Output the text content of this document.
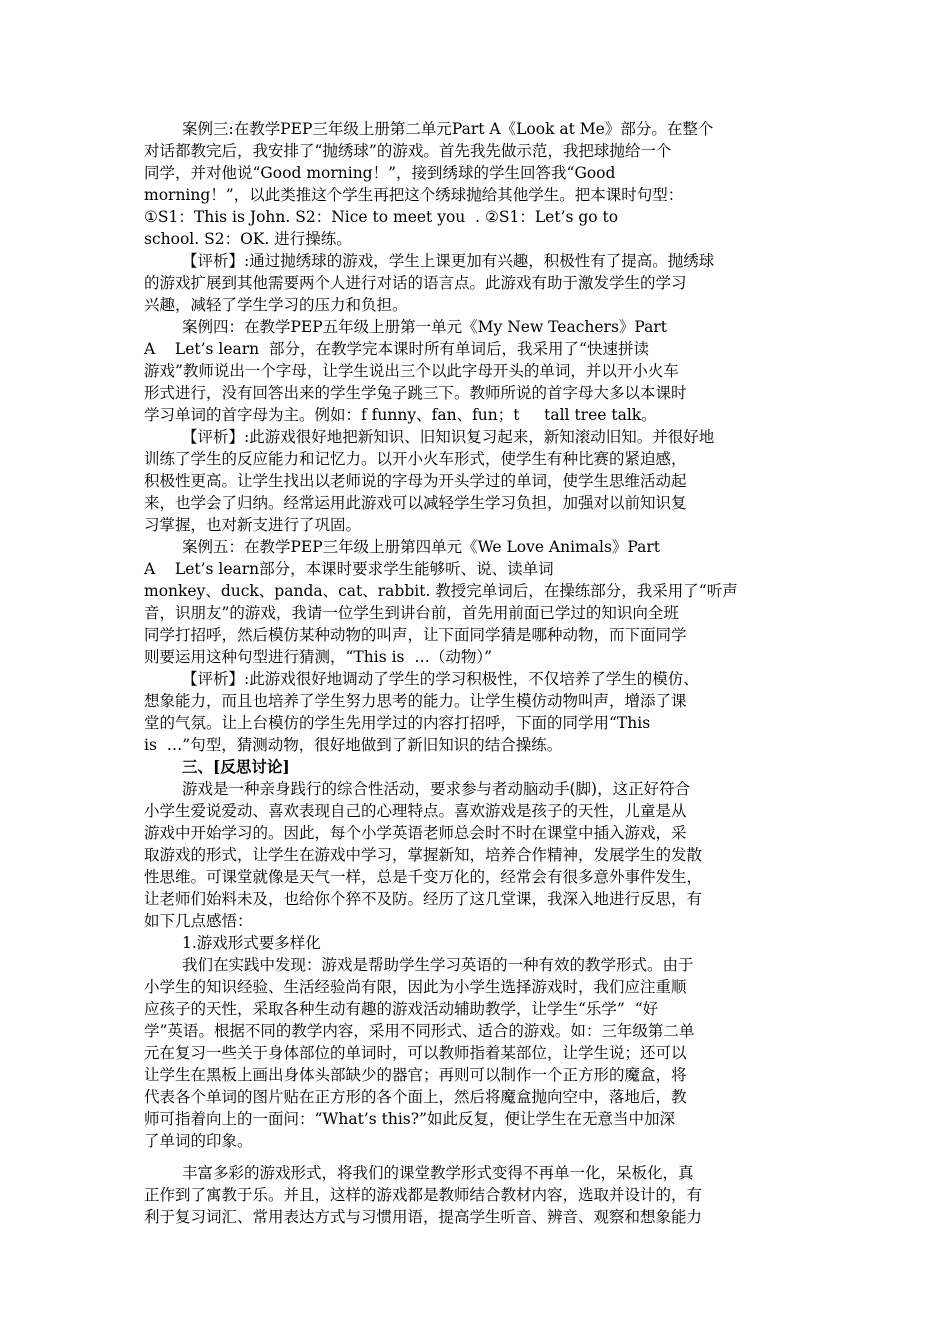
案例三:在教学PEP三年级上册第二单元Part A《Look at Me》部分。在整个
对话都教完后，我安排了“抛绣球”的游戏。首先我先做示范，我把球抛给一个
同学，并对他说“Good morning！”，接到绣球的学生回答我“Good
morning！”，以此类推这个学生再把这个绣球抛给其他学生。把本课时句型：
①S1：This is John. S2：Nice to meet you  . ②S1：Let’s go to
school. S2：OK. 进行操练。
【评析】:通过抛绣球的游戏，学生上课更加有兴趣，积极性有了提高。抛绣球
的游戏扩展到其他需要两个人进行对话的语言点。此游戏有助于激发学生的学习
兴趣，减轻了学生学习的压力和负担。
案例四：在教学PEP五年级上册第一单元《My New Teachers》Part
A    Let’s learn  部分，在教学完本课时所有单词后，我采用了“快速拼读
游戏”教师说出一个字母，让学生说出三个以此字母开头的单词，并以开小火车
形式进行，没有回答出来的学生学兔子跳三下。教师所说的首字母大多以本课时
学习单词的首字母为主。例如：f funny、fan、fun；t     tall tree talk。
【评析】:此游戏很好地把新知识、旧知识复习起来，新知滚动旧知。并很好地
训练了学生的反应能力和记忆力。以开小火车形式，使学生有种比赛的紧迫感，
积极性更高。让学生找出以老师说的字母为开头学过的单词，使学生思维活动起
来，也学会了归纳。经常运用此游戏可以减轻学生学习负担，加强对以前知识复
习掌握，也对新支进行了巩固。
案例五：在教学PEP三年级上册第四单元《We Love Animals》Part
A    Let’s learn部分，本课时要求学生能够听、说、读单词
monkey、duck、panda、cat、rabbit. 教授完单词后，在操练部分，我采用了“听声
音，识朋友”的游戏，我请一位学生到讲台前，首先用前面已学过的知识向全班
同学打招呼，然后模仿某种动物的叫声，让下面同学猜是哪种动物，而下面同学
则要运用这种句型进行猜测，“This is  …（动物）”
【评析】:此游戏很好地调动了学生的学习积极性，不仅培养了学生的模仿、
想象能力，而且也培养了学生努力思考的能力。让学生模仿动物叫声，增添了课
堂的气氛。让上台模仿的学生先用学过的内容打招呼，下面的同学用“This
is  …”句型，猜测动物，很好地做到了新旧知识的结合操练。
三、[反思讨论]
游戏是一种亲身践行的综合性活动，要求参与者动脑动手(脚)，这正好符合
小学生爱说爱动、喜欢表现自己的心理特点。喜欢游戏是孩子的天性，儿童是从
游戏中开始学习的。因此，每个小学英语老师总会时不时在课堂中插入游戏，采
取游戏的形式，让学生在游戏中学习，掌握新知，培养合作精神，发展学生的发散
性思维。可课堂就像是天气一样，总是千变万化的，经常会有很多意外事件发生，
让老师们始料未及，也给你个猝不及防。经历了这几堂课，我深入地进行反思，有
如下几点感悟：
1.游戏形式要多样化
我们在实践中发现：游戏是帮助学生学习英语的一种有效的教学形式。由于
小学生的知识经验、生活经验尚有限，因此为小学生选择游戏时，我们应注重顺
应孩子的天性，采取各种生动有趣的游戏活动辅助教学，让学生“乐学”  “好
学”英语。根据不同的教学内容，采用不同形式、适合的游戏。如：三年级第二单
元在复习一些关于身体部位的单词时，可以教师指着某部位，让学生说；还可以
让学生在黑板上画出身体头部缺少的器官；再则可以制作一个正方形的魔盒，将
代表各个单词的图片贴在正方形的各个面上，然后将魔盒抛向空中，落地后，教
师可指着向上的一面问：“What’s this?”如此反复，便让学生在无意当中加深
了单词的印象。
丰富多彩的游戏形式，将我们的课堂教学形式变得不再单一化，呆板化，真
正作到了寓教于乐。并且，这样的游戏都是教师结合教材内容，选取并设计的，有
利于复习词汇、常用表达方式与习惯用语，提高学生听音、辨音、观察和想象能力
